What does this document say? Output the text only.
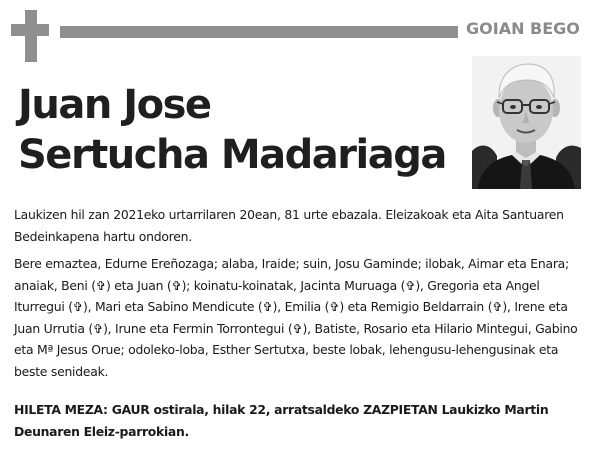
GOIAN BEGO
Juan Jose
Sertucha Madariaga

Laukizen hil zan 2021eko urtarrilaren 20ean, 81 urte ebazala. Eleizakoak eta Aita Santuaren Bedeinkapena hartu ondoren.

Bere emaztea, Edurne Ereñozaga; alaba, Iraide; suin, Josu Gaminde; ilobak, Aimar eta Enara; anaiak, Beni (✞) eta Juan (✞); koinatu-koinatak, Jacinta Muruaga (✞), Gregoria eta Angel Iturregui (✞), Mari eta Sabino Mendicute (✞), Emilia (✞) eta Remigio Beldarrain (✞), Irene eta Juan Urrutia (✞), Irune eta Fermin Torrontegui (✞), Batiste, Rosario eta Hilario Mintegui, Gabino eta Mª Jesus Orue; odoleko-loba, Esther Sertutxa, beste lobak, lehengusu-lehengusinak eta beste senideak.

HILETA MEZA: GAUR ostirala, hilak 22, arratsaldeko ZAZPIETAN Laukizko Martin Deunaren Eleiz-parrokian.
